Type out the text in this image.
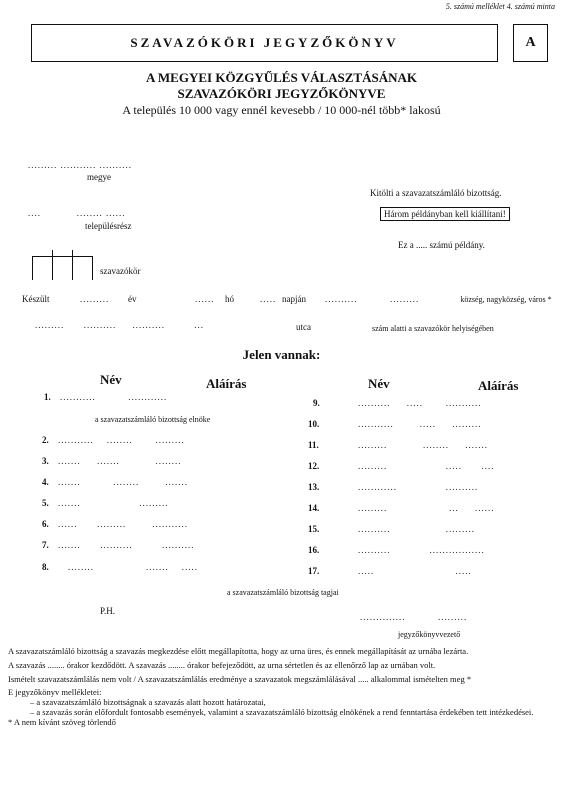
5. számú melléklet 4. számú minta
SZAVAZÓKÖRI JEGYZŐKÖNYV	A
A MEGYEI KÖZGYŰLÉS VÁLASZTÁSÁNAK
SZAVAZÓKÖRI JEGYZŐKÖNYVE
A település 10 000 vagy ennél kevesebb / 10 000-nél több* lakosú
......... ........... ..........
megye
Kitölti a szavazatszámláló bizottság.
Három példányban kell kiállítani!
Ez a ..... számú példány.
....           ........ ......
településrész
szavazókör
Készült	......... év	...... hó	..... napján ..........          .........	község, nagyközség, város *
.........      ..........     ..........         ...	utca	szám alatti a szavazókör helyiségében
Jelen vannak:
Név	Aláírás	Név	Aláírás
1. ...........          ............
a szavazatszámláló bizottság elnöke
2. ...........    ........       .........
3. .......     .......           ........
4. .......          ........        .......
5. .......                  .........
6. ......      .........        ...........
7. .......      ..........         ..........
8. ........                .......    .....
9.	..........     .....       ...........
10.	...........        .....     .........
11.	.........           ........     .......
12.	.........                  .....      ....
13.	............               ..........
14.	.........                   ...     ......
15.	..........                 .........
16.	..........            .................
17.	.....                         .....
a szavazatszámláló bizottság tagjai
P.H.
..............          .........
jegyzőkönyvvezető
A szavazatszámláló bizottság a szavazás megkezdése előtt megállapította, hogy az urna üres, és ennek megállapítását az urnába lezárta.
A szavazás ........ órakor kezdődött. A szavazás ........ órakor befejeződött, az urna sértetlen és az ellenőrző lap az urnában volt.
Ismételt szavazatszámlálás nem volt / A szavazatszámlálás eredménye a szavazatok megszámlálásával ..... alkalommal ismételten meg *
E jegyzőkönyv mellékletei:
– a szavazatszámláló bizottságnak a szavazás alatt hozott határozatai,
– a szavazás során előfordult fontosabb események, valamint a szavazatszámláló bizottság elnökének a rend fenntartása érdekében tett intézkedései.
* A nem kívánt szöveg törlendő
